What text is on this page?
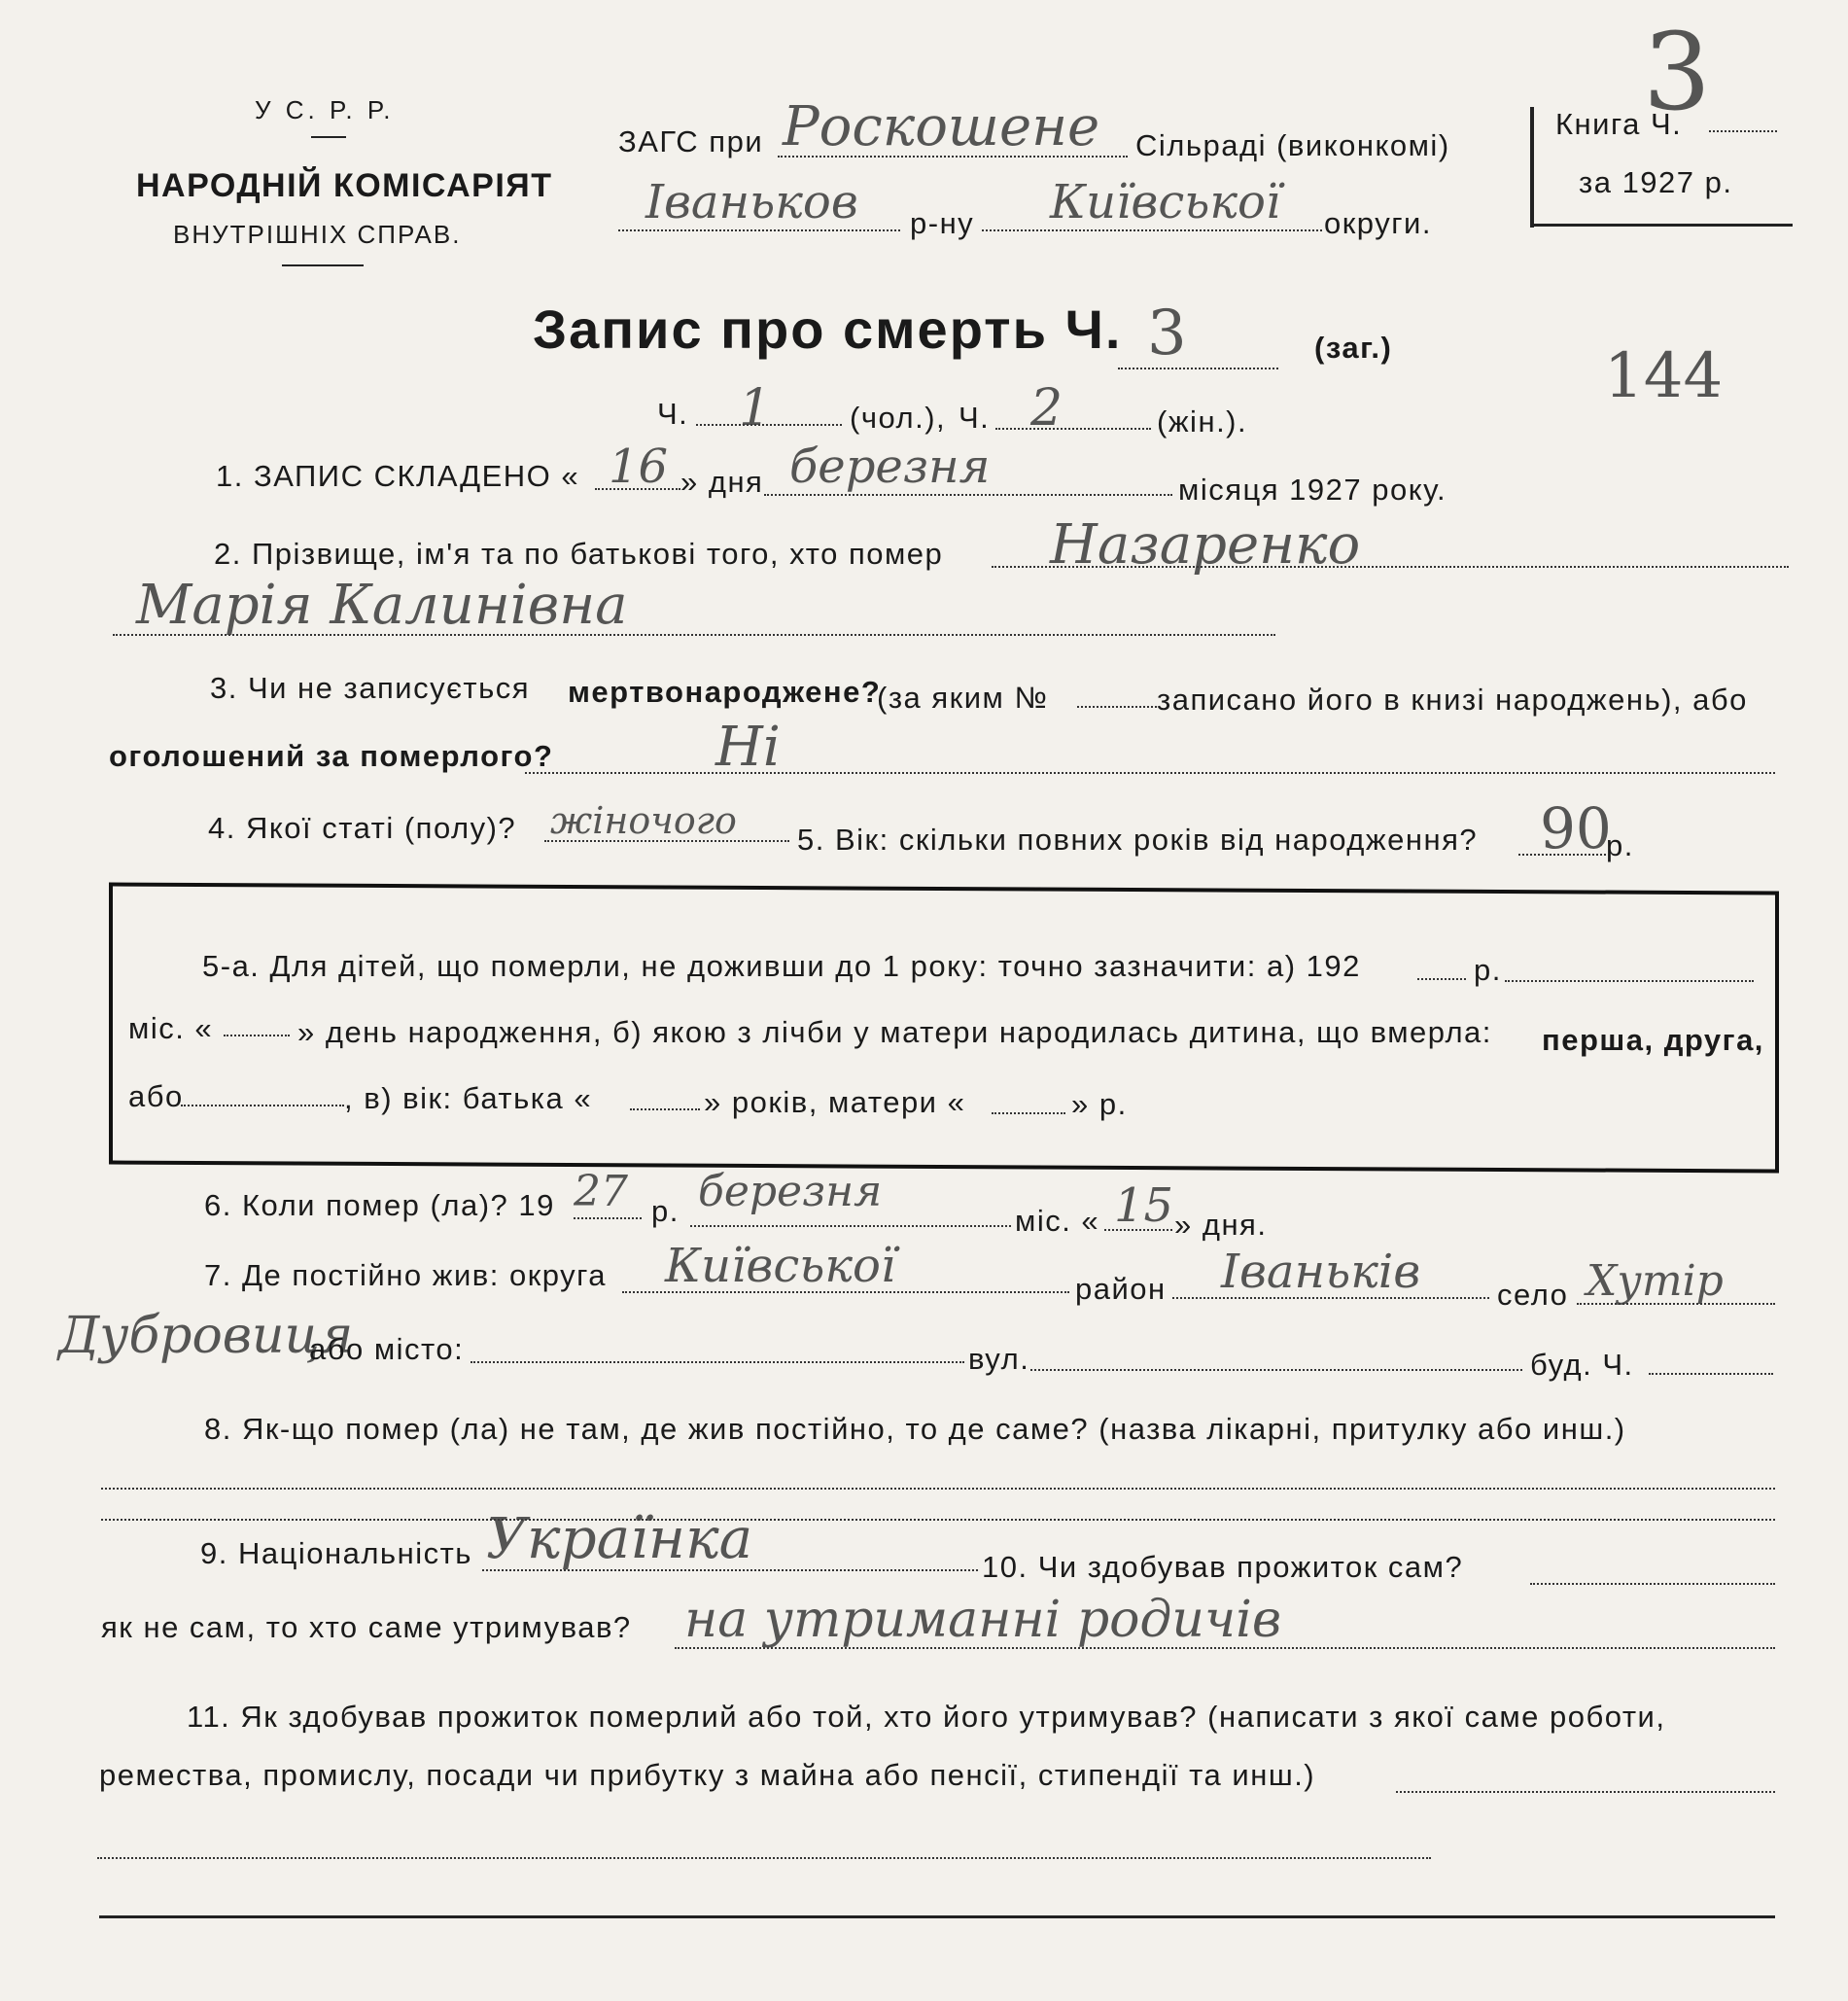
У С. Р. Р.
НАРОДНІЙ КОМІСАРІЯТ
ВНУТРІШНІХ СПРАВ.
ЗАГС при Роскошене Сільраді (виконкомі)
Іваньков р-ну Київської округи.
Книга Ч.
3
за 1927 р.
Запис про смерть Ч. 3	(заг.)	144
Ч. 1	(чол.), Ч. 2	(жін.).
1. ЗАПИС СКЛАДЕНО « 16 » дня березня	місяця 1927 року.
2. Прізвище, ім'я та по батькові того, хто помер Назаренко
Марія Калинівна
3. Чи не записується мертвонароджене?
(за яким №	записано його в книзі народжень), або
оголошений за померлого?	Ні
4. Якої статі (полу)? жіночого 5. Вік: скільки повних років від народження? 90
р.
5-а. Для дітей, що померли, не доживши до 1 року: точно зазначити: а) 192	р.
міс. «	» день народження, б) якою з лічби у матери народилась дитина, що вмерла: перша, друга,
або	, в) вік: батька «	» років, матери «	» р.
6. Коли помер (ла)? 19 27 р. березня
міс. « 15 » дня.
7. Де постійно жив: округа Київської	район Іваньків	село Хутір
Дубровиця
або місто:	вул.	буд. Ч.
8. Як-що помер (ла) не там, де жив постійно, то де саме? (назва лікарні, притулку або инш.)
9. Національність Українка	10. Чи здобував прожиток сам?
як не сам, то хто саме утримував? на утриманні родичів
11. Як здобував прожиток померлий або той, хто його утримував? (написати з якої саме роботи,
ремества, промислу, посади чи прибутку з майна або пенсії, стипендії та инш.)
